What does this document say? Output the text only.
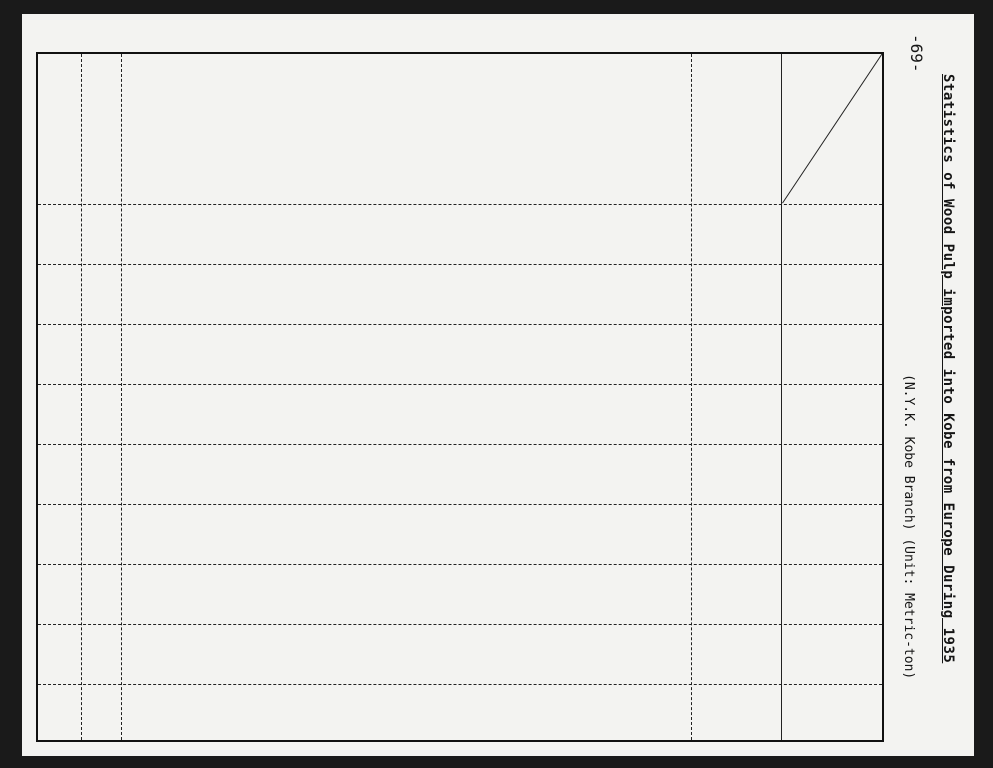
-69-
Statistics of Wood Pulp imported into Kobe from Europe During 1935
(N.Y.K. Kobe Branch) (Unit: Metric-ton)
